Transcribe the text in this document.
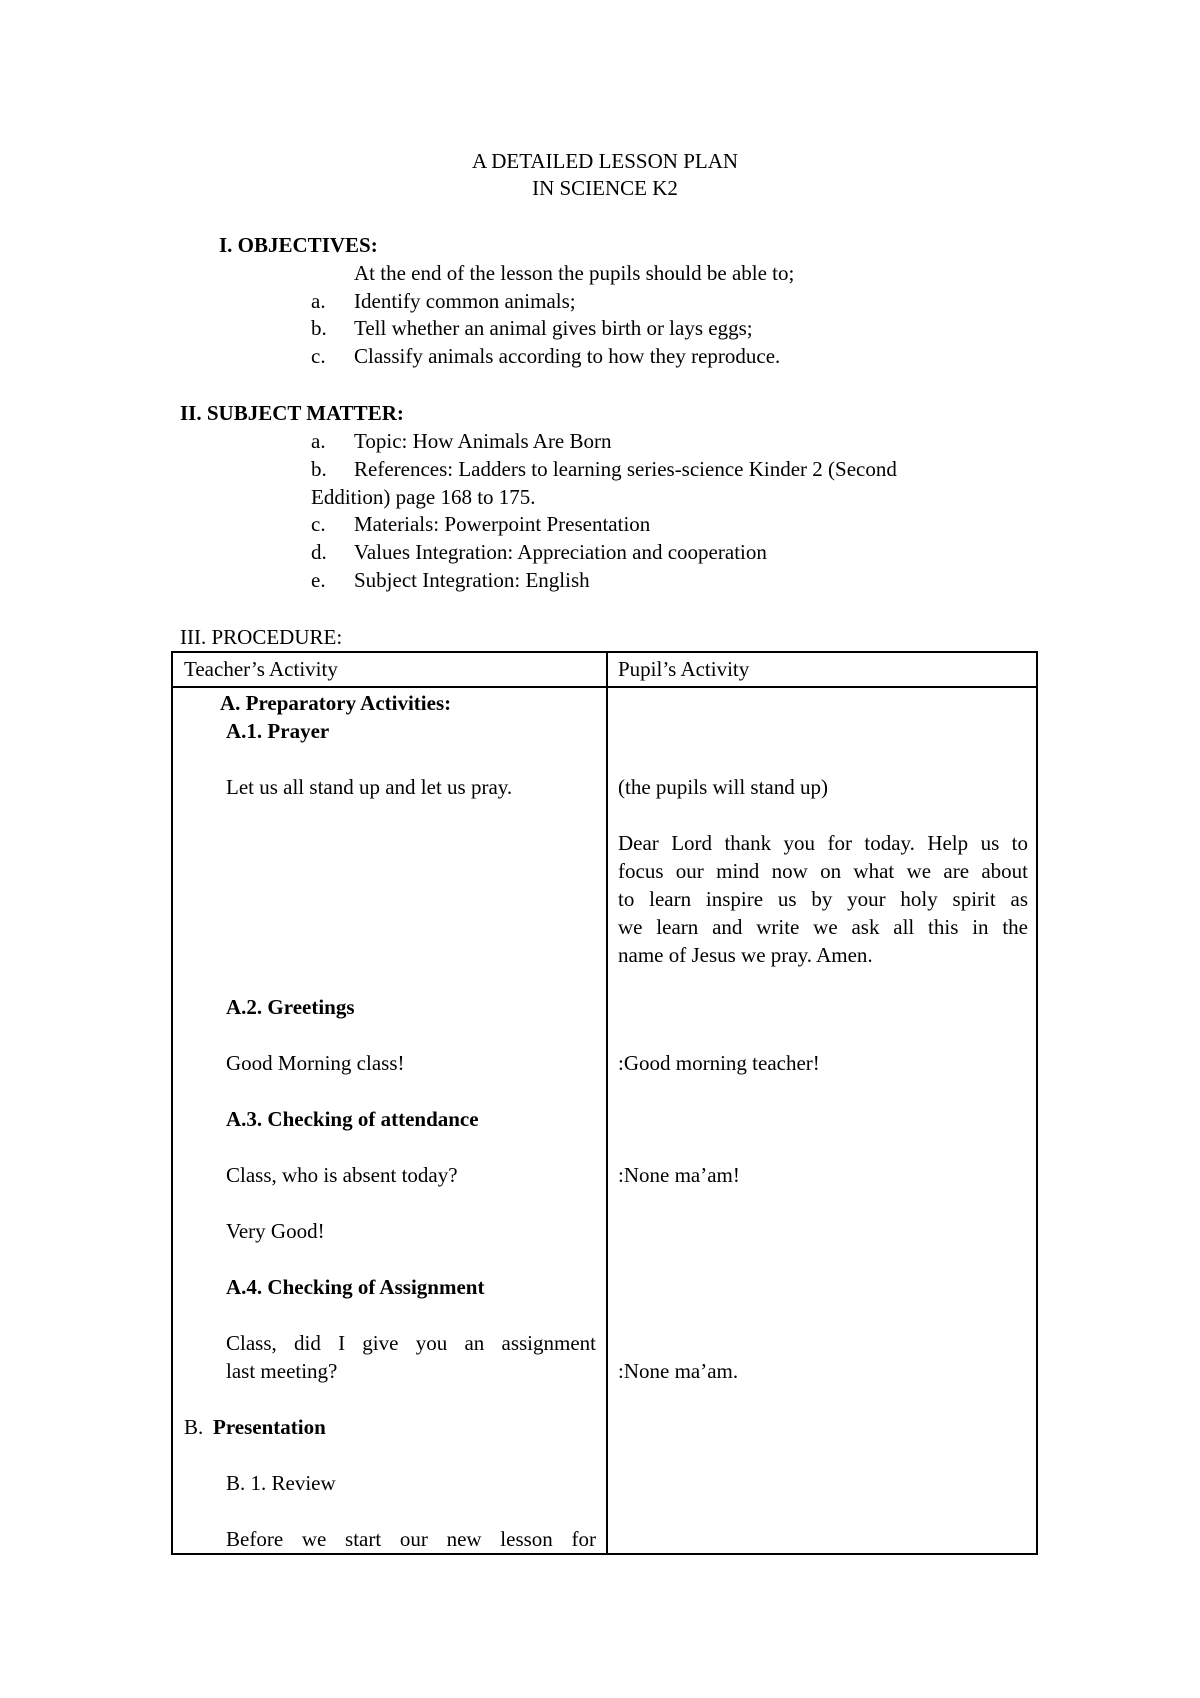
A DETAILED LESSON PLAN
IN SCIENCE K2
I. OBJECTIVES:
At the end of the lesson the pupils should be able to;
a. Identify common animals;
b. Tell whether an animal gives birth or lays eggs;
c. Classify animals according to how they reproduce.
II. SUBJECT MATTER:
a. Topic: How Animals Are Born
b. References: Ladders to learning series-science Kinder 2 (Second
Eddition) page 168 to 175.
c. Materials: Powerpoint Presentation
d. Values Integration: Appreciation and cooperation
e. Subject Integration: English
III. PROCEDURE:
Teacher’s Activity	Pupil’s Activity
A. Preparatory Activities:
A.1. Prayer
Let us all stand up and let us pray.
A.2. Greetings
Good Morning class!
A.3. Checking of attendance
Class, who is absent today?
Very Good!
A.4. Checking of Assignment
Class, did I give you an assignment
last meeting?
B. Presentation
B. 1. Review
Before we start our new lesson for
(the pupils will stand up)
Dear Lord thank you for today. Help us to
focus our mind now on what we are about
to learn inspire us by your holy spirit as
we learn and write we ask all this in the
name of Jesus we pray. Amen.
:Good morning teacher!
:None ma’am!
:None ma’am.
